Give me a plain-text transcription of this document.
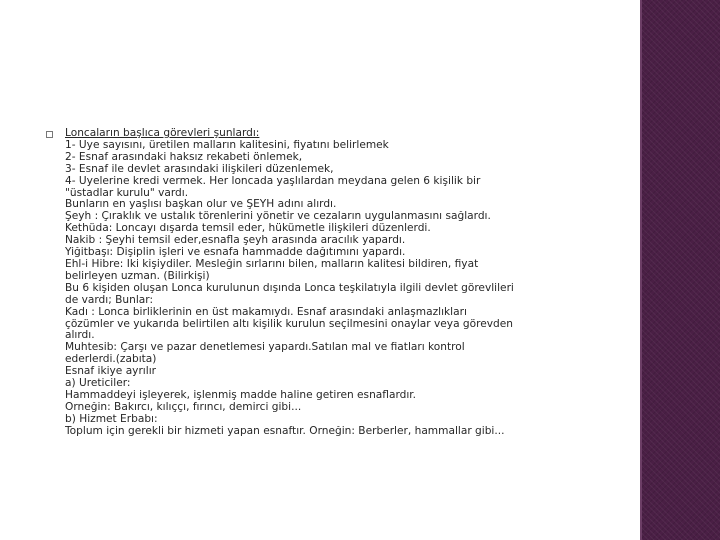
Loncaların başlıca görevleri şunlardı:
1- Üye sayısını, üretilen malların kalitesini, fiyatını belirlemek
2- Esnaf arasındaki haksız rekabeti önlemek,
3- Esnaf ile devlet arasındaki ilişkileri düzenlemek,
4- Üyelerine kredi vermek. Her loncada yaşlılardan meydana gelen 6 kişilik bir
"üstadlar kurulu" vardı.
Bunların en yaşlısı başkan olur ve ŞEYH adını alırdı.
Şeyh : Çıraklık ve ustalık törenlerini yönetir ve cezaların uygulanmasını sağlardı.
Kethüda: Loncayı dışarda temsil eder, hükümetle ilişkileri düzenlerdi.
Nakib : Şeyhi temsil eder,esnafla şeyh arasında aracılık yapardı.
Yiğitbaşı: Dişiplin işleri ve esnafa hammadde dağıtımını yapardı.
Ehl-i Hibre: İki kişiydiler. Mesleğin sırlarını bilen, malların kalitesi bildiren, fiyat
belirleyen uzman. (Bilirkişi)
Bu 6 kişiden oluşan Lonca kurulunun dışında Lonca teşkilatıyla ilgili devlet görevlileri
de vardı; Bunlar:
Kadı : Lonca birliklerinin en üst makamıydı. Esnaf arasındaki anlaşmazlıkları
çözümler ve yukarıda belirtilen altı kişilik kurulun seçilmesini onaylar veya görevden
alırdı.
Muhtesib: Çarşı ve pazar denetlemesi yapardı.Satılan mal ve fiatları kontrol
ederlerdi.(zabıta)
Esnaf ikiye ayrılır
a) Üreticiler:
Hammaddeyi işleyerek, işlenmiş madde haline getiren esnaflardır.
Örneğin: Bakırcı, kılıççı, fırıncı, demirci gibi...
b) Hizmet Erbabı:
Toplum için gerekli bir hizmeti yapan esnaftır. Örneğin: Berberler, hammallar gibi...
